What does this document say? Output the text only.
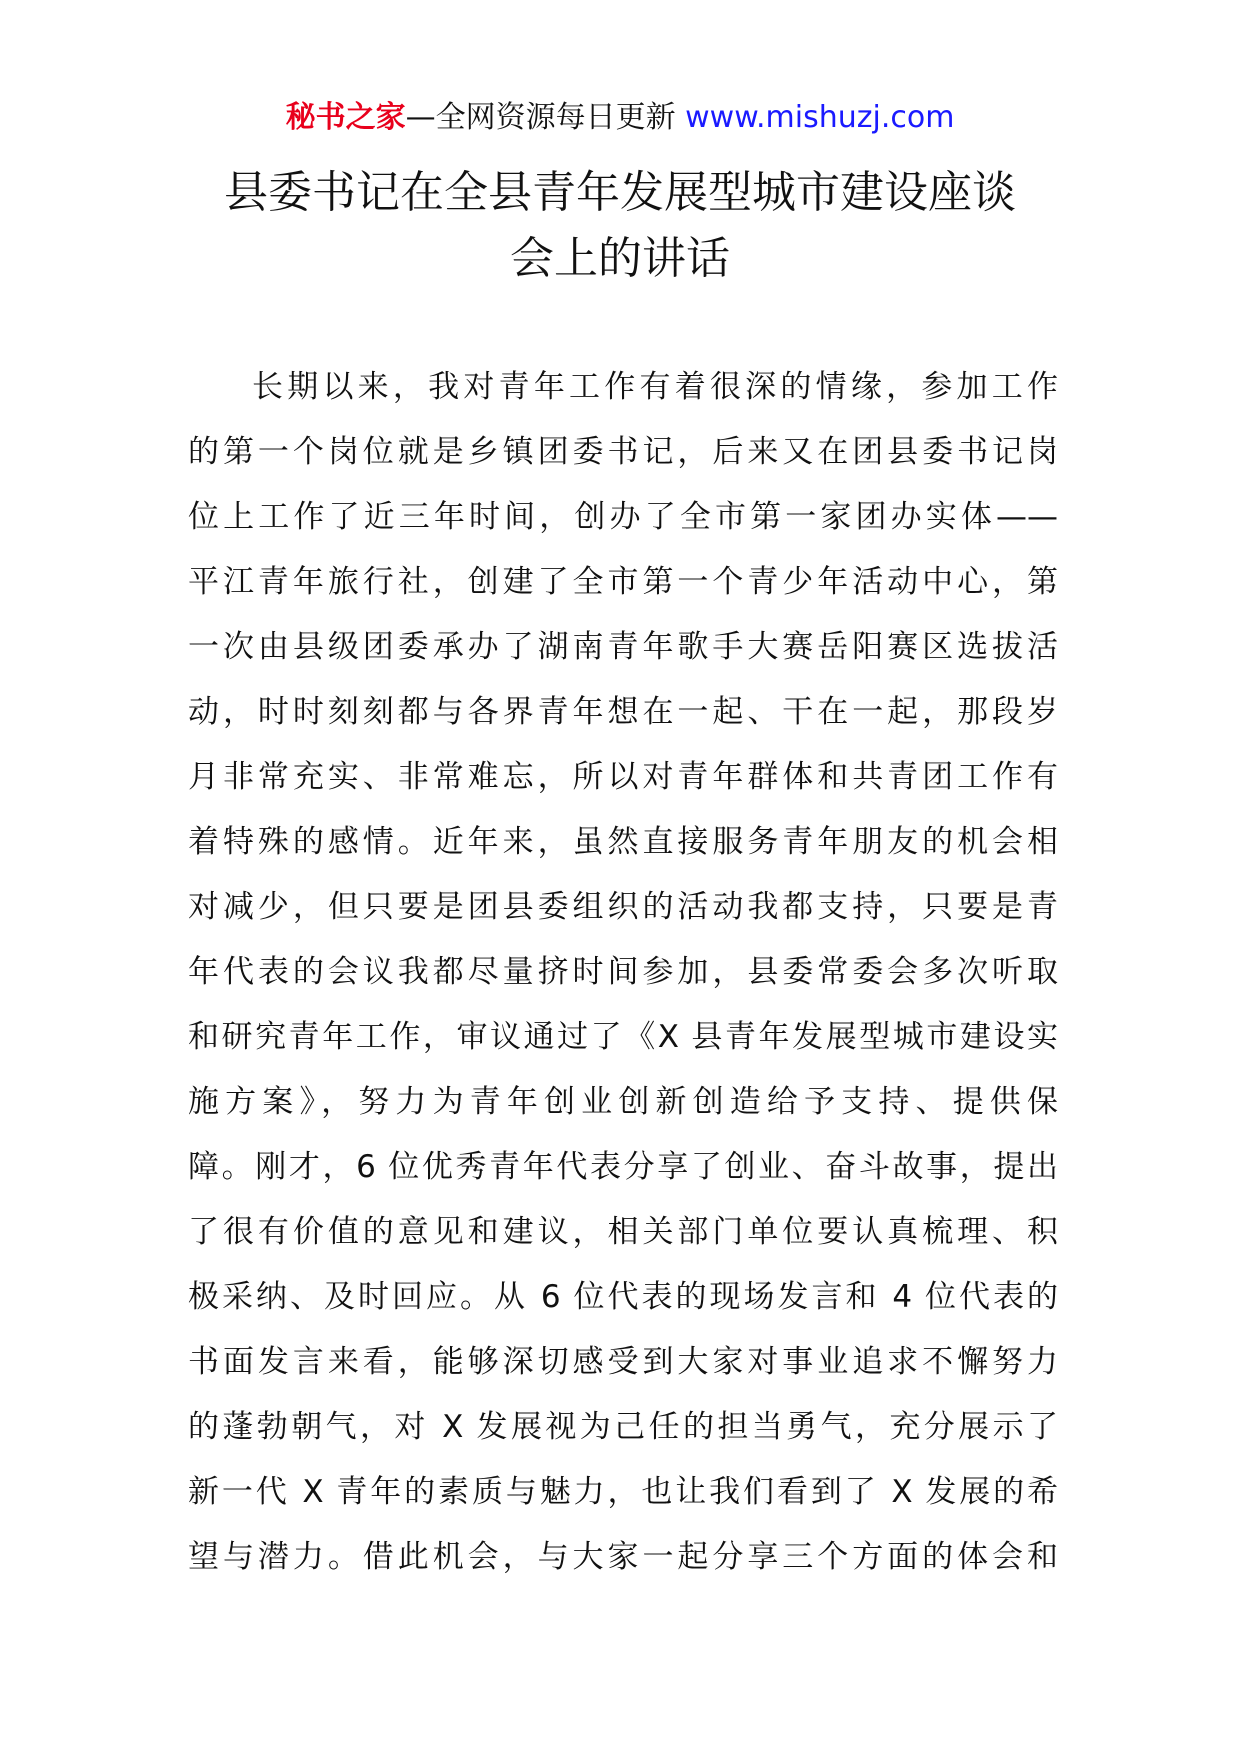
秘书之家—全网资源每日更新 www.mishuzj.com
县委书记在全县青年发展型城市建设座谈
会上的讲话
长期以来，我对青年工作有着很深的情缘，参加工作
的第一个岗位就是乡镇团委书记，后来又在团县委书记岗
位上工作了近三年时间，创办了全市第一家团办实体——
平江青年旅行社，创建了全市第一个青少年活动中心，第
一次由县级团委承办了湖南青年歌手大赛岳阳赛区选拔活
动，时时刻刻都与各界青年想在一起、干在一起，那段岁
月非常充实、非常难忘，所以对青年群体和共青团工作有
着特殊的感情。近年来，虽然直接服务青年朋友的机会相
对减少，但只要是团县委组织的活动我都支持，只要是青
年代表的会议我都尽量挤时间参加，县委常委会多次听取
和研究青年工作，审议通过了《X 县青年发展型城市建设实
施方案》，努力为青年创业创新创造给予支持、提供保
障。刚才，6 位优秀青年代表分享了创业、奋斗故事，提出
了很有价值的意见和建议，相关部门单位要认真梳理、积
极采纳、及时回应。从 6 位代表的现场发言和 4 位代表的
书面发言来看，能够深切感受到大家对事业追求不懈努力
的蓬勃朝气，对 X 发展视为己任的担当勇气，充分展示了
新一代 X 青年的素质与魅力，也让我们看到了 X 发展的希
望与潜力。借此机会，与大家一起分享三个方面的体会和
